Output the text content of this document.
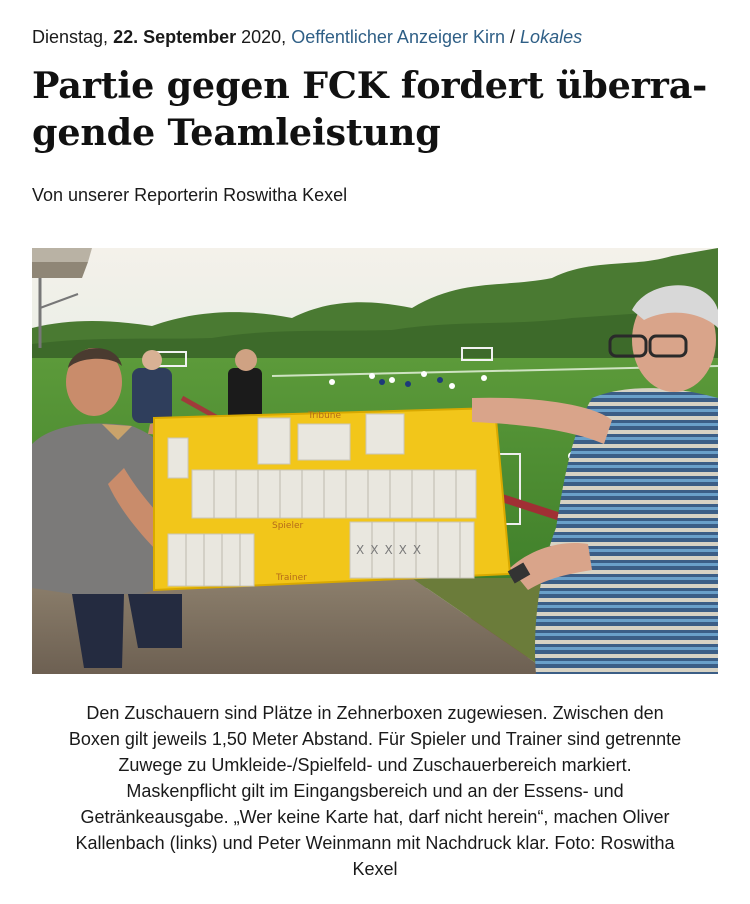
Dienstag, 22. September 2020, Oeffentlicher Anzeiger Kirn / Lokales
Partie gegen FCK fordert überra-
gende Teamleistung
Von unserer Reporterin Roswitha Kexel
Tribüne
Spieler
Trainer
XXXXX
Den Zuschauern sind Plätze in Zehnerboxen zugewiesen. Zwischen den
Boxen gilt jeweils 1,50 Meter Abstand. Für Spieler und Trainer sind getrennte
Zuwege zu Umkleide-/Spielfeld- und Zuschauerbereich markiert.
Maskenpflicht gilt im Eingangsbereich und an der Essens- und
Getränkeausgabe. „Wer keine Karte hat, darf nicht herein“, machen Oliver
Kallenbach (links) und Peter Weinmann mit Nachdruck klar. Foto: Roswitha
Kexel
